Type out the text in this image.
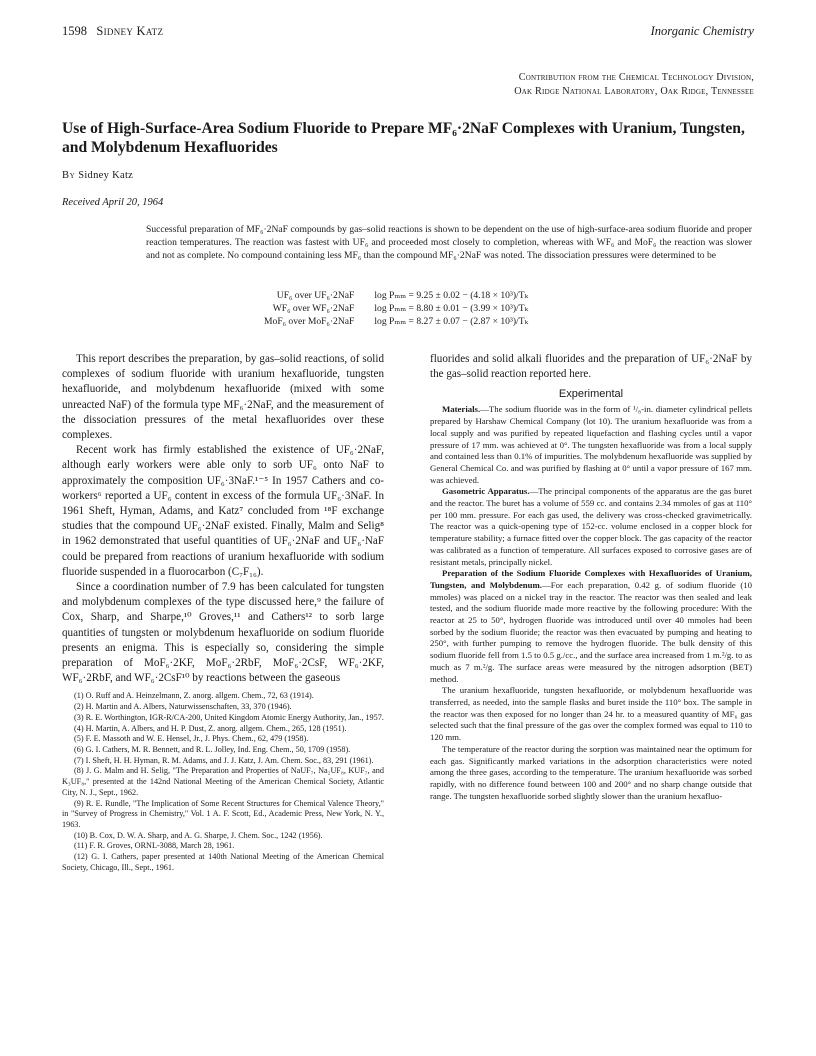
1598 Sidney Katz	Inorganic Chemistry
Contribution from the Chemical Technology Division,
Oak Ridge National Laboratory, Oak Ridge, Tennessee
Use of High-Surface-Area Sodium Fluoride to Prepare MF₆·2NaF Complexes with Uranium, Tungsten, and Molybdenum Hexafluorides
By Sidney Katz
Received April 20, 1964

Successful preparation of MF₆·2NaF compounds by gas–solid reactions is shown to be dependent on the use of high-surface-area sodium fluoride and proper reaction temperatures. The reaction was fastest with UF₆ and proceeded most closely to completion, whereas with WF₆ and MoF₆ the reaction was slower and not as complete. No compound containing less MF₆ than the compound MF₆·2NaF was noted. The dissociation pressures were determined to be

UF₆ over UF₆·2NaF	log Pₘₘ = 9.25 ± 0.02 − (4.18 × 10³)/Tₖ
WF₆ over WF₆·2NaF	log Pₘₘ = 8.80 ± 0.01 − (3.99 × 10³)/Tₖ
MoF₆ over MoF₆·2NaF	log Pₘₘ = 8.27 ± 0.07 − (2.87 × 10³)/Tₖ

This report describes the preparation, by gas–solid reactions, of solid complexes of sodium fluoride with uranium hexafluoride, tungsten hexafluoride, and molybdenum hexafluoride (mixed with some unreacted NaF) of the formula type MF₆·2NaF, and the measurement of the dissociation pressures of the metal hexafluorides over these complexes.

Recent work has firmly established the existence of UF₆·2NaF, although early workers were able only to sorb UF₆ onto NaF to approximately the composition UF₆·3NaF.¹⁻⁵ In 1957 Cathers and co-workers⁶ reported a UF₆ content in excess of the formula UF₆·3NaF. In 1961 Sheft, Hyman, Adams, and Katz⁷ concluded from ¹⁸F exchange studies that the compound UF₆·2NaF existed. Finally, Malm and Selig⁸ in 1962 demonstrated that useful quantities of UF₆·2NaF and UF₆·NaF could be prepared from reactions of uranium hexafluoride with sodium fluoride suspended in a fluorocarbon (C₇F₁₆).

Since a coordination number of 7.9 has been calculated for tungsten and molybdenum complexes of the type discussed here,⁹ the failure of Cox, Sharp, and Sharpe,¹⁰ Groves,¹¹ and Cathers¹² to sorb large quantities of tungsten or molybdenum hexafluoride on sodium fluoride presents an enigma. This is especially so, considering the simple preparation of MoF₆·2KF, MoF₆·2RbF, MoF₆·2CsF, WF₆·2KF, WF₆·2RbF, and WF₆·2CsF¹⁰ by reactions between the gaseous

(1) O. Ruff and A. Heinzelmann, Z. anorg. allgem. Chem., 72, 63 (1914).

(2) H. Martin and A. Albers, Naturwissenschaften, 33, 370 (1946).

(3) R. E. Worthington, IGR-R/CA-200, United Kingdom Atomic Energy Authority, Jan., 1957.

(4) H. Martin, A. Albers, and H. P. Dust, Z. anorg. allgem. Chem., 265, 128 (1951).

(5) F. E. Massoth and W. E. Hensel, Jr., J. Phys. Chem., 62, 479 (1958).

(6) G. I. Cathers, M. R. Bennett, and R. L. Jolley, Ind. Eng. Chem., 50, 1709 (1958).

(7) I. Sheft, H. H. Hyman, R. M. Adams, and J. J. Katz, J. Am. Chem. Soc., 83, 291 (1961).

(8) J. G. Malm and H. Selig, "The Preparation and Properties of NaUF₇, Na₂UF₈, KUF₇, and K₃UF₈," presented at the 142nd National Meeting of the American Chemical Society, Atlantic City, N. J., Sept., 1962.

(9) R. E. Rundle, "The Implication of Some Recent Structures for Chemical Valence Theory," in "Survey of Progress in Chemistry," Vol. 1 A. F. Scott, Ed., Academic Press, New York, N. Y., 1963.

(10) B. Cox, D. W. A. Sharp, and A. G. Sharpe, J. Chem. Soc., 1242 (1956).

(11) F. R. Groves, ORNL-3088, March 28, 1961.

(12) G. I. Cathers, paper presented at 140th National Meeting of the American Chemical Society, Chicago, Ill., Sept., 1961.

fluorides and solid alkali fluorides and the preparation of UF₆·2NaF by the gas–solid reaction reported here.

Experimental

Materials.—The sodium fluoride was in the form of ¹/₈-in. diameter cylindrical pellets prepared by Harshaw Chemical Company (lot 10). The uranium hexafluoride was from a local supply and was purified by repeated liquefaction and flashing cycles until a vapor pressure of 17 mm. was achieved at 0°. The tungsten hexafluoride was from a local supply and contained less than 0.1% of impurities. The molybdenum hexafluoride was supplied by General Chemical Co. and was purified by flashing at 0° until a vapor pressure of 167 mm. was achieved.

Gasometric Apparatus.—The principal components of the apparatus are the gas buret and the reactor. The buret has a volume of 559 cc. and contains 2.34 mmoles of gas at 110° per 100 mm. pressure. For each gas used, the delivery was cross-checked gravimetrically. The reactor was a quick-opening type of 152-cc. volume enclosed in a copper block for temperature stability; a furnace fitted over the copper block. The gas capacity of the reactor was calibrated as a function of temperature. All surfaces exposed to corrosive gases are of resistant metals, principally nickel.

Preparation of the Sodium Fluoride Complexes with Hexafluorides of Uranium, Tungsten, and Molybdenum.—For each preparation, 0.42 g. of sodium fluoride (10 mmoles) was placed on a nickel tray in the reactor. The reactor was then sealed and leak tested, and the sodium fluoride made more reactive by the following procedure: With the reactor at 25 to 50°, hydrogen fluoride was introduced until over 40 mmoles had been sorbed by the sodium fluoride; the reactor was then evacuated by pumping and heating to 250°, with further pumping to remove the hydrogen fluoride. The bulk density of this sodium fluoride fell from 1.5 to 0.5 g./cc., and the surface area increased from 1 m.²/g. to as much as 7 m.²/g. The surface areas were measured by the nitrogen adsorption (BET) method.

The uranium hexafluoride, tungsten hexafluoride, or molybdenum hexafluoride was transferred, as needed, into the sample flasks and buret inside the 110° box. The sample in the reactor was then exposed for no longer than 24 hr. to a measured quantity of MF₆ gas selected such that the final pressure of the gas over the complex formed was equal to 110 to 120 mm.

The temperature of the reactor during the sorption was maintained near the optimum for each gas. Significantly marked variations in the adsorption characteristics were noted among the three gases, according to the temperature. The uranium hexafluoride was sorbed rapidly, with no difference found between 100 and 200° and no sharp change outside that range. The tungsten hexafluoride sorbed slightly slower than the uranium hexafluo-
